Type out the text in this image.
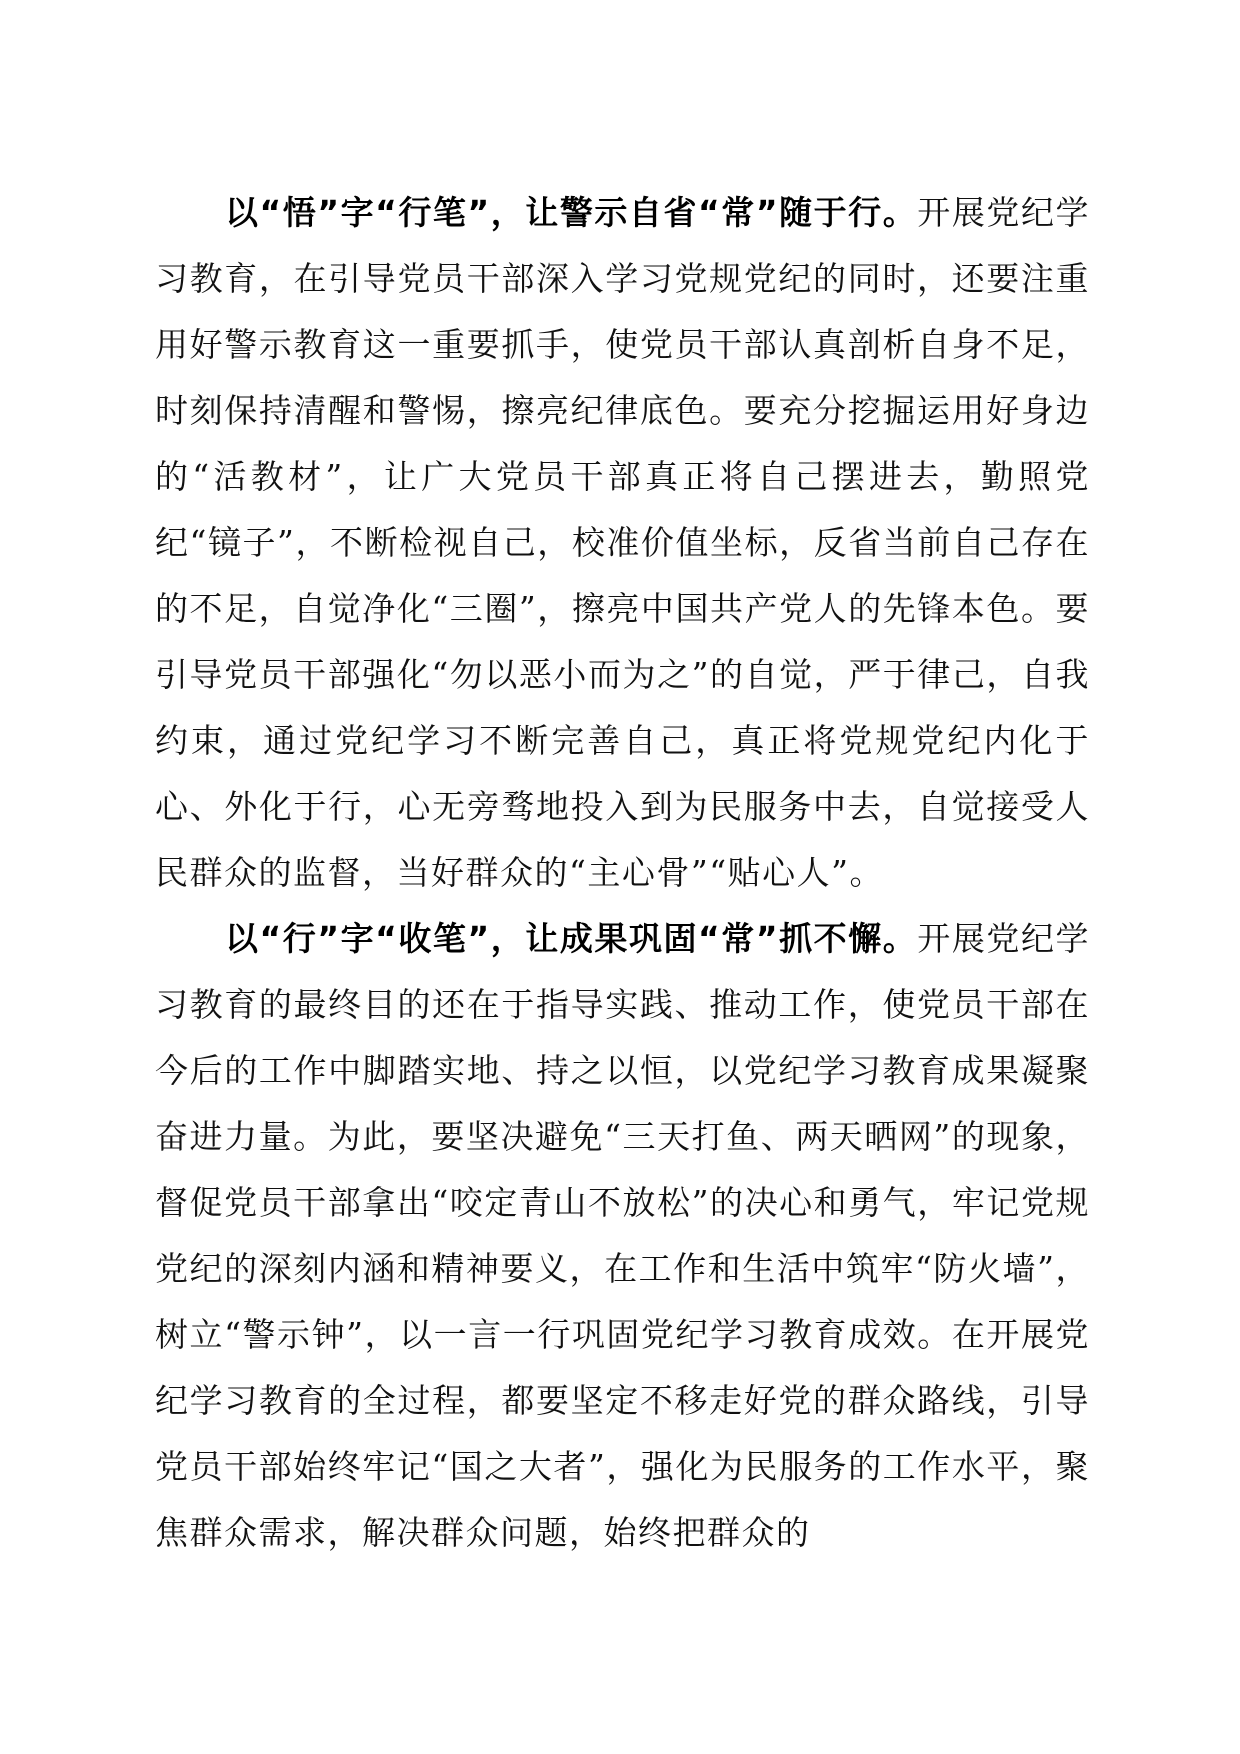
以“悟”字“行笔”，让警示自省“常”随于行。开展党纪学习教育，在引导党员干部深入学习党规党纪的同时，还要注重用好警示教育这一重要抓手，使党员干部认真剖析自身不足，时刻保持清醒和警惕，擦亮纪律底色。要充分挖掘运用好身边的“活教材”，让广大党员干部真正将自己摆进去，勤照党纪“镜子”，不断检视自己，校准价值坐标，反省当前自己存在的不足，自觉净化“三圈”，擦亮中国共产党人的先锋本色。要引导党员干部强化“勿以恶小而为之”的自觉，严于律己，自我约束，通过党纪学习不断完善自己，真正将党规党纪内化于心、外化于行，心无旁骛地投入到为民服务中去，自觉接受人民群众的监督，当好群众的“主心骨”“贴心人”。

以“行”字“收笔”，让成果巩固“常”抓不懈。开展党纪学习教育的最终目的还在于指导实践、推动工作，使党员干部在今后的工作中脚踏实地、持之以恒，以党纪学习教育成果凝聚奋进力量。为此，要坚决避免“三天打鱼、两天晒网”的现象，督促党员干部拿出“咬定青山不放松”的决心和勇气，牢记党规党纪的深刻内涵和精神要义，在工作和生活中筑牢“防火墙”，树立“警示钟”，以一言一行巩固党纪学习教育成效。在开展党纪学习教育的全过程，都要坚定不移走好党的群众路线，引导党员干部始终牢记“国之大者”，强化为民服务的工作水平，聚焦群众需求，解决群众问题，始终把群众的
